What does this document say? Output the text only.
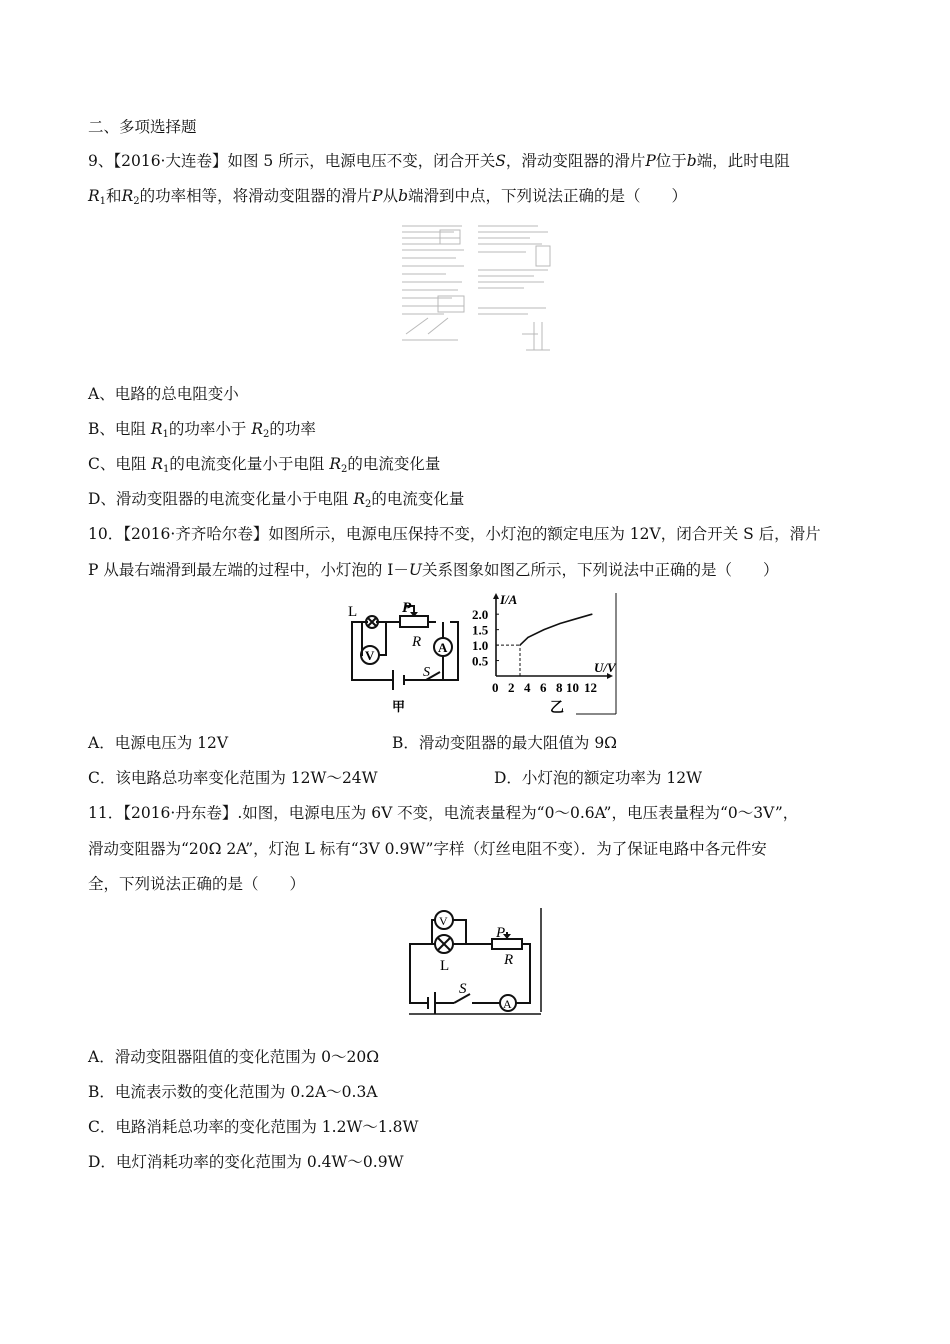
二、多项选择题
9、【2016·大连卷】如图 5 所示，电源电压不变，闭合开关S，滑动变阻器的滑片P位于b端，此时电阻
$R_1$和$R_2$的功率相等，将滑动变阻器的滑片P从b端滑到中点，下列说法正确的是（　　）
A、电路的总电阻变小
B、电阻 $R_1$的功率小于 $R_2$的功率
C、电阻 $R_1$的电流变化量小于电阻 $R_2$的电流变化量
D、滑动变阻器的电流变化量小于电阻 $R_2$的电流变化量
10．【2016·齐齐哈尔卷】如图所示，电源电压保持不变，小灯泡的额定电压为 12V，闭合开关 S 后，滑片
P 从最右端滑到最左端的过程中，小灯泡的 I－U关系图象如图乙所示，下列说法中正确的是（　　）
L	P
R
V
A
S
甲
I/A
U/V
0.5
1.0
1.5
2.0
0 2 4 6 8 10 12
乙
A．电源电压为 12V	B．滑动变阻器的最大阻值为 9Ω
C．该电路总功率变化范围为 12W～24W	D．小灯泡的额定功率为 12W
11．【2016·丹东卷】.如图，电源电压为 6V 不变，电流表量程为“0～0.6A”，电压表量程为“0～3V”，
滑动变阻器为“20Ω 2A”，灯泡 L 标有“3V 0.9W”字样（灯丝电阻不变）．为了保证电路中各元件安
全，下列说法正确的是（　　）
V
L
P
R
S
A
A．滑动变阻器阻值的变化范围为 0～20Ω
B．电流表示数的变化范围为 0.2A～0.3A
C．电路消耗总功率的变化范围为 1.2W～1.8W
D．电灯消耗功率的变化范围为 0.4W～0.9W
